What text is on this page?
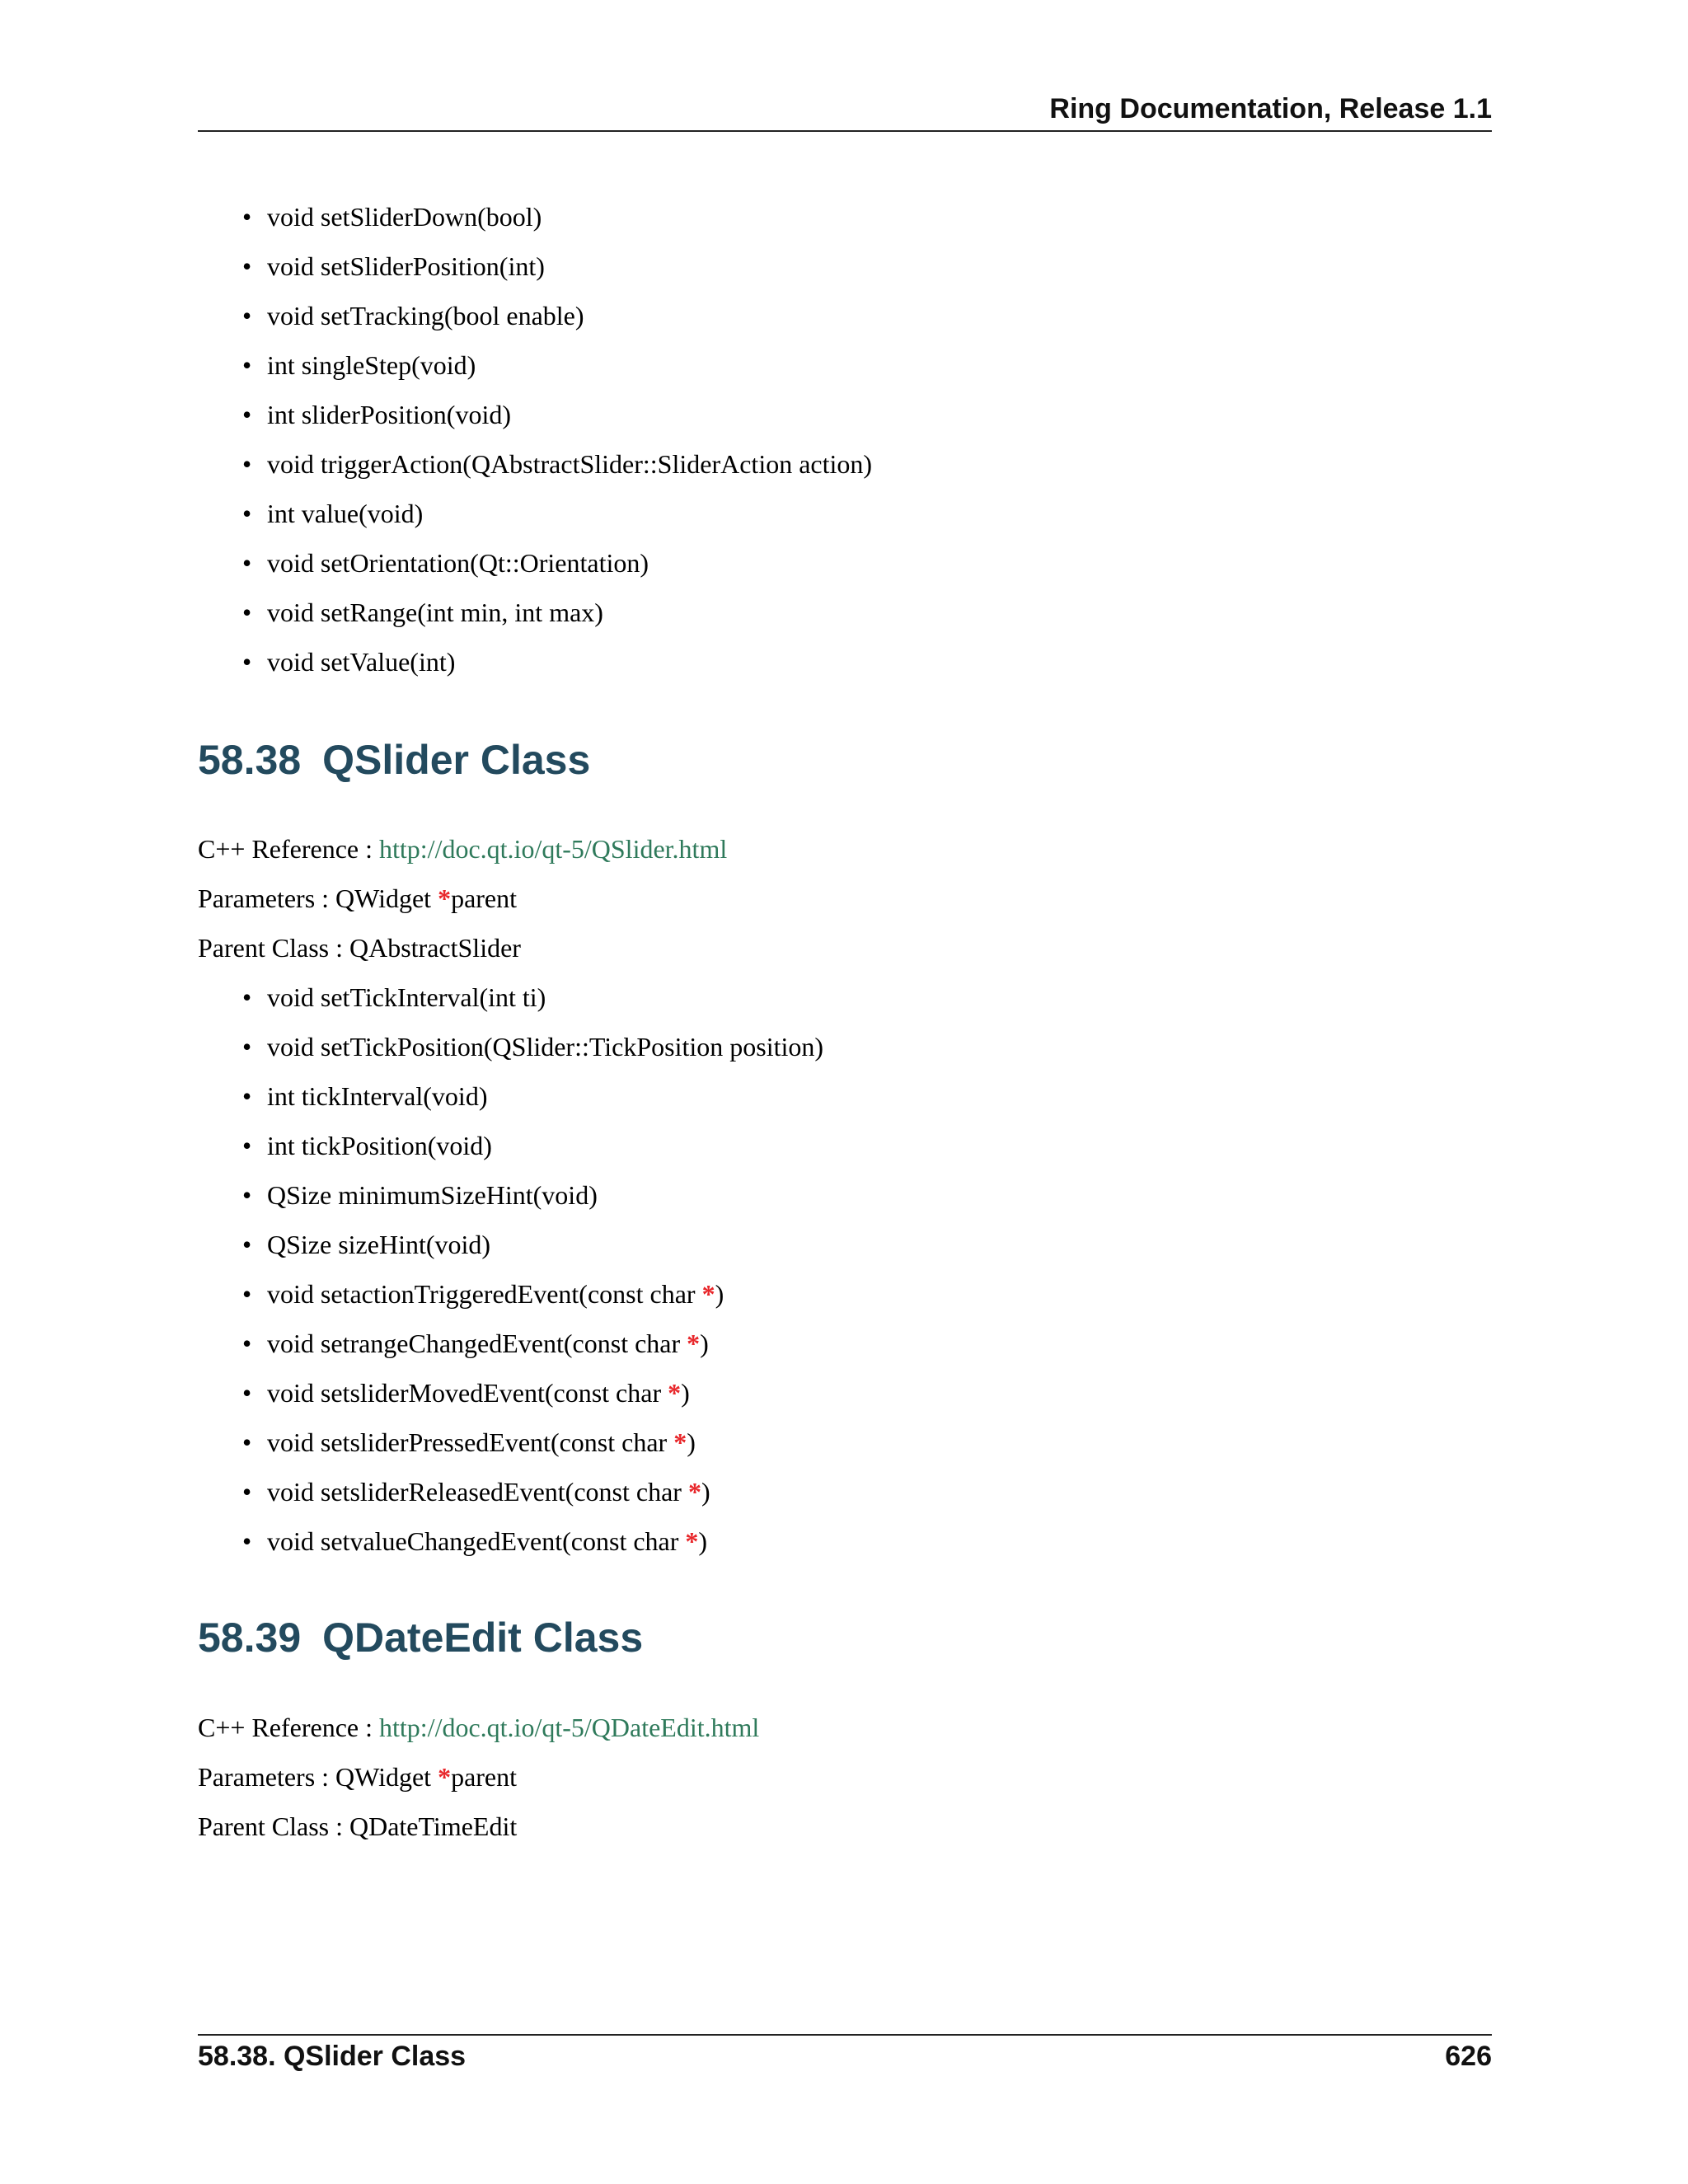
Ring Documentation, Release 1.1
• void setSliderDown(bool)
• void setSliderPosition(int)
• void setTracking(bool enable)
• int singleStep(void)
• int sliderPosition(void)
• void triggerAction(QAbstractSlider::SliderAction action)
• int value(void)
• void setOrientation(Qt::Orientation)
• void setRange(int min, int max)
• void setValue(int)
58.38 QSlider Class
C++ Reference : http://doc.qt.io/qt-5/QSlider.html
Parameters : QWidget *parent
Parent Class : QAbstractSlider
• void setTickInterval(int ti)
• void setTickPosition(QSlider::TickPosition position)
• int tickInterval(void)
• int tickPosition(void)
• QSize minimumSizeHint(void)
• QSize sizeHint(void)
• void setactionTriggeredEvent(const char *)
• void setrangeChangedEvent(const char *)
• void setsliderMovedEvent(const char *)
• void setsliderPressedEvent(const char *)
• void setsliderReleasedEvent(const char *)
• void setvalueChangedEvent(const char *)
58.39 QDateEdit Class
C++ Reference : http://doc.qt.io/qt-5/QDateEdit.html
Parameters : QWidget *parent
Parent Class : QDateTimeEdit
58.38. QSlider Class	626
